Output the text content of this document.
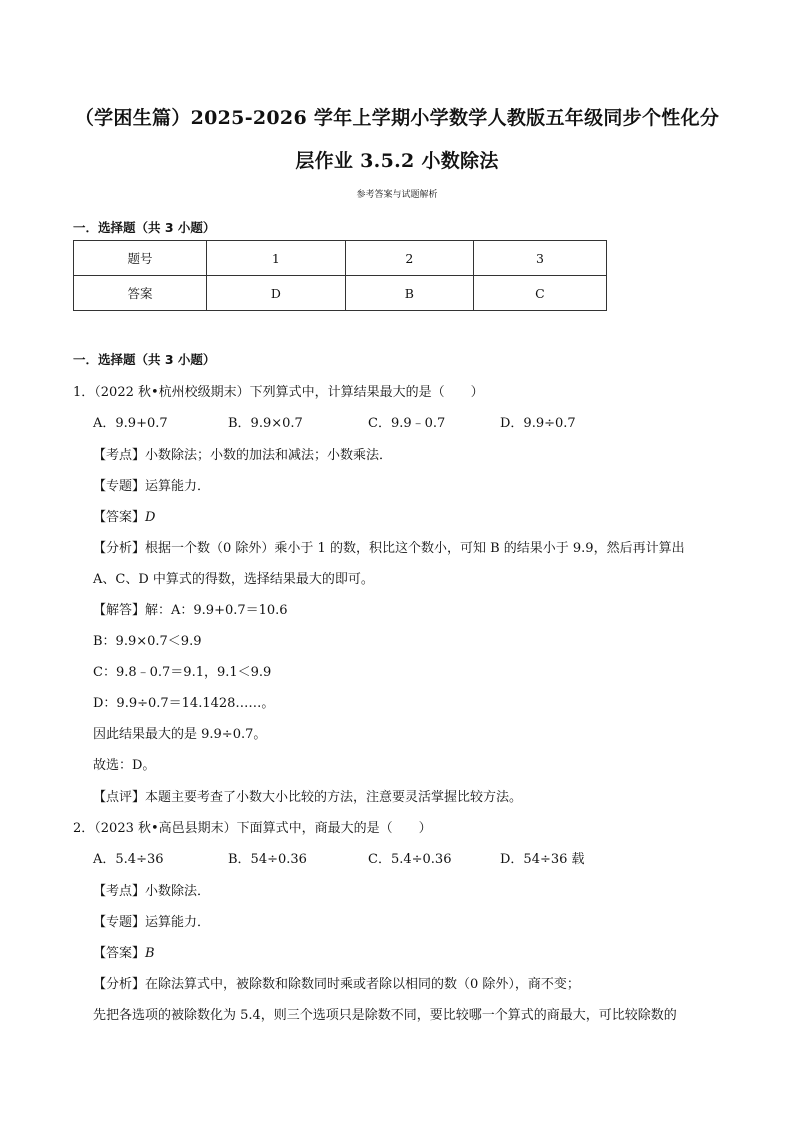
（学困生篇）2025-2026 学年上学期小学数学人教版五年级同步个性化分
层作业 3.5.2 小数除法
参考答案与试题解析
一．选择题（共 3 小题）
题号	1	2	3
答案	D	B	C
一．选择题（共 3 小题）
1．（2022 秋•杭州校级期末）下列算式中，计算结果最大的是（　　）
A．9.9+0.7	B．9.9×0.7	C．9.9﹣0.7	D．9.9÷0.7
【考点】小数除法；小数的加法和减法；小数乘法．
【专题】运算能力．
【答案】D
【分析】根据一个数（0 除外）乘小于 1 的数，积比这个数小，可知 B 的结果小于 9.9，然后再计算出
A、C、D 中算式的得数，选择结果最大的即可。
【解答】解：A：9.9+0.7＝10.6
B：9.9×0.7＜9.9
C：9.8﹣0.7＝9.1，9.1＜9.9
D：9.9÷0.7＝14.1428……。
因此结果最大的是 9.9÷0.7。
故选：D。
【点评】本题主要考查了小数大小比较的方法，注意要灵活掌握比较方法。
2．（2023 秋•高邑县期末）下面算式中，商最大的是（　　）
A．5.4÷36	B．54÷0.36	C．5.4÷0.36	D．54÷36 载
【考点】小数除法．
【专题】运算能力．
【答案】B
【分析】在除法算式中，被除数和除数同时乘或者除以相同的数（0 除外），商不变；
先把各选项的被除数化为 5.4，则三个选项只是除数不同，要比较哪一个算式的商最大，可比较除数的
